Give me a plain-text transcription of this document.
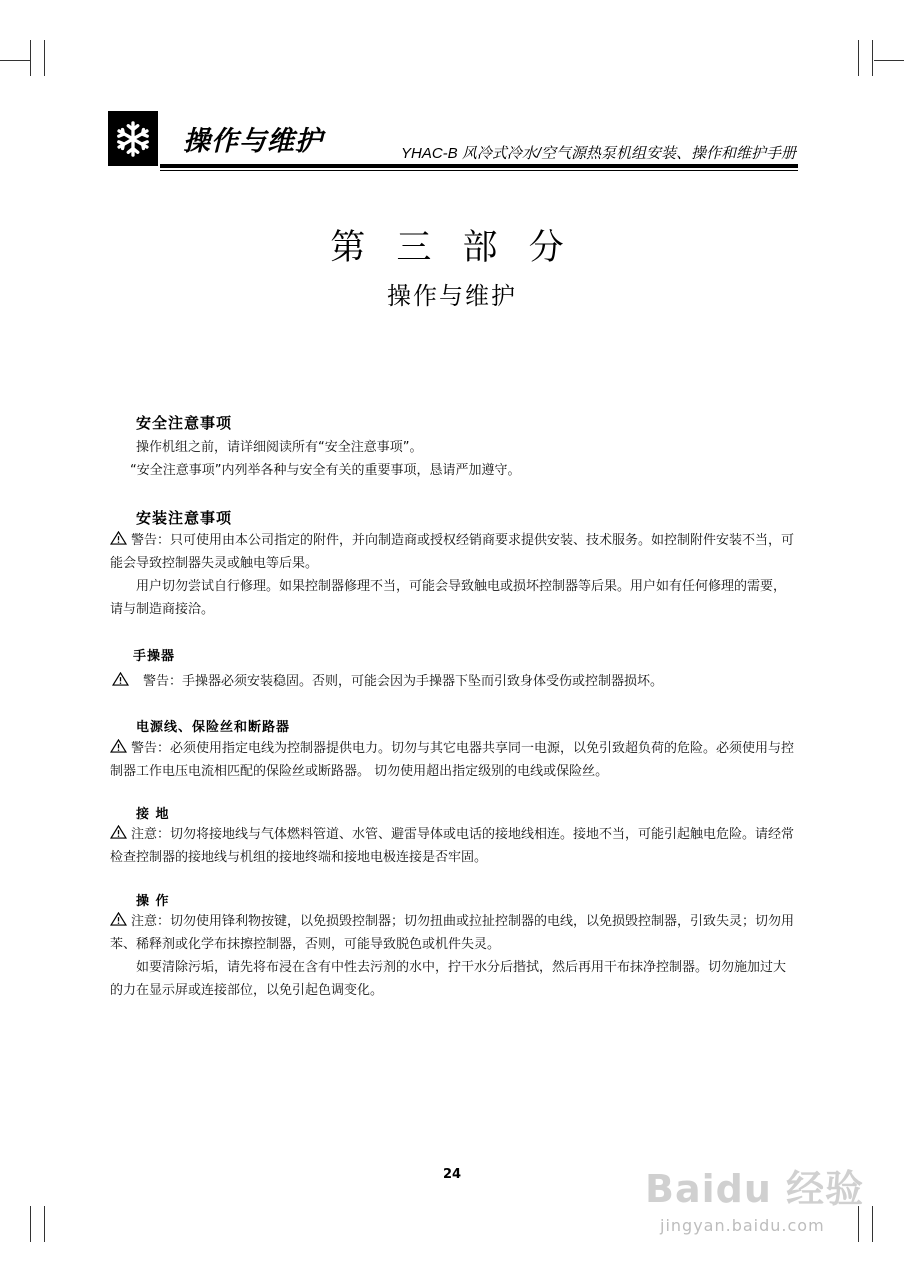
操作与维护	YHAC-B 风冷式冷水/空气源热泵机组安装、操作和维护手册
第 三 部 分
操作与维护
安全注意事项
操作机组之前，请详细阅读所有“安全注意事项”。
“安全注意事项”内列举各种与安全有关的重要事项，恳请严加遵守。
安装注意事项
警告：只可使用由本公司指定的附件，并向制造商或授权经销商要求提供安装、技术服务。如控制附件安装不当，可能会导致控制器失灵或触电等后果。
用户切勿尝试自行修理。如果控制器修理不当，可能会导致触电或损坏控制器等后果。用户如有任何修理的需要，请与制造商接洽。
手操器
警告：手操器必须安装稳固。否则，可能会因为手操器下坠而引致身体受伤或控制器损坏。
电源线、保险丝和断路器
警告：必须使用指定电线为控制器提供电力。切勿与其它电器共享同一电源，以免引致超负荷的危险。必须使用与控制器工作电压电流相匹配的保险丝或断路器。 切勿使用超出指定级别的电线或保险丝。
接 地
注意：切勿将接地线与气体燃料管道、水管、避雷导体或电话的接地线相连。接地不当，可能引起触电危险。请经常检查控制器的接地线与机组的接地终端和接地电极连接是否牢固。
操 作
注意：切勿使用锋利物按键，以免损毁控制器；切勿扭曲或拉扯控制器的电线，以免损毁控制器，引致失灵；切勿用苯、稀释剂或化学布抹擦控制器，否则，可能导致脱色或机件失灵。
如要清除污垢，请先将布浸在含有中性去污剂的水中，拧干水分后揩拭，然后再用干布抹净控制器。切勿施加过大的力在显示屏或连接部位，以免引起色调变化。
24	Baidu 经验
jingyan.baidu.com
